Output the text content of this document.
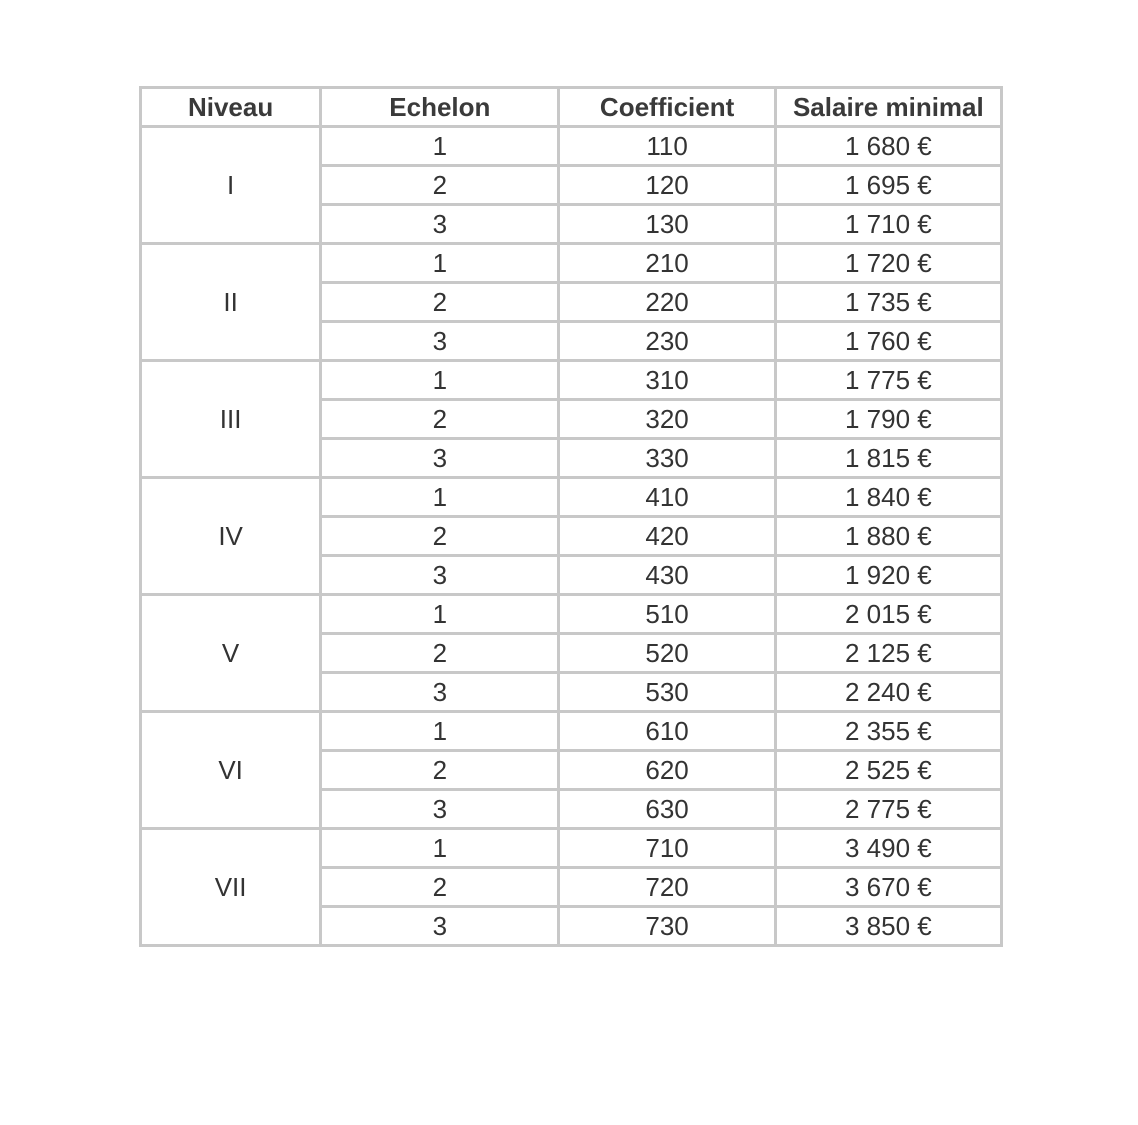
Niveau	Echelon	Coefficient	Salaire minimal
I	1	110	1 680 €
	2	120	1 695 €
	3	130	1 710 €
II	1	210	1 720 €
	2	220	1 735 €
	3	230	1 760 €
III	1	310	1 775 €
	2	320	1 790 €
	3	330	1 815 €
IV	1	410	1 840 €
	2	420	1 880 €
	3	430	1 920 €
V	1	510	2 015 €
	2	520	2 125 €
	3	530	2 240 €
VI	1	610	2 355 €
	2	620	2 525 €
	3	630	2 775 €
VII	1	710	3 490 €
	2	720	3 670 €
	3	730	3 850 €
